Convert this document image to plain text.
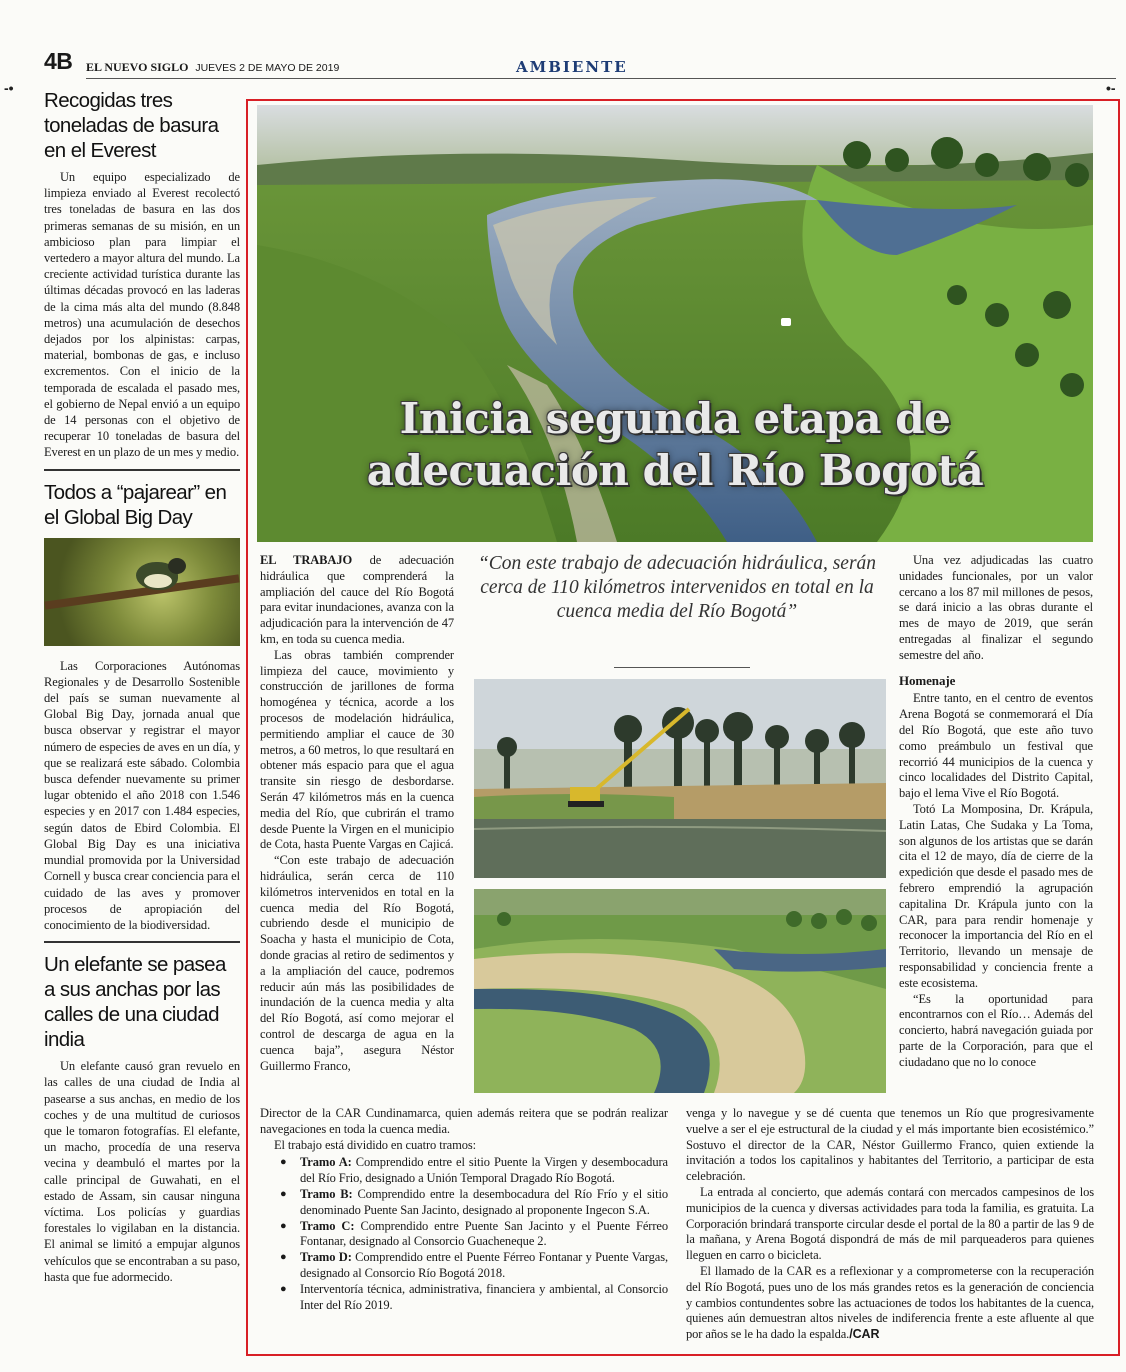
4B EL NUEVO SIGLO JUEVES 2 DE MAYO DE 2019	AMBIENTE
-•	•-
Recogidas tres toneladas de basura en el Everest

Un equipo especializado de limpieza enviado al Everest recolectó tres toneladas de basura en las dos primeras semanas de su misión, en un ambicioso plan para limpiar el vertedero a mayor altura del mundo. La creciente actividad turística durante las últimas décadas provocó en las laderas de la cima más alta del mundo (8.848 metros) una acumulación de desechos dejados por los alpinistas: carpas, material, bombonas de gas, e incluso excrementos. Con el inicio de la temporada de escalada el pasado mes, el gobierno de Nepal envió a un equipo de 14 personas con el objetivo de recuperar 10 toneladas de basura del Everest en un plazo de un mes y medio.

Todos a “pajarear” en el Global Big Day

Las Corporaciones Autónomas Regionales y de Desarrollo Sostenible del país se suman nuevamente al Global Big Day, jornada anual que busca observar y registrar el mayor número de especies de aves en un día, y que se realizará este sábado. Colombia busca defender nuevamente su primer lugar obtenido el año 2018 con 1.546 especies y en 2017 con 1.484 especies, según datos de Ebird Colombia. El Global Big Day es una iniciativa mundial promovida por la Universidad Cornell y busca crear conciencia para el cuidado de las aves y promover procesos de apropiación del conocimiento de la biodiversidad.

Un elefante se pasea a sus anchas por las calles de una ciudad india

Un elefante causó gran revuelo en las calles de una ciudad de India al pasearse a sus anchas, en medio de los coches y de una multitud de curiosos que le tomaron fotografías. El elefante, un macho, procedía de una reserva vecina y deambuló el martes por la calle principal de Guwahati, en el estado de Assam, sin causar ninguna víctima. Los policías y guardias forestales lo vigilaban en la distancia. El animal se limitó a empujar algunos vehículos que se encontraban a su paso, hasta que fue adormecido.

Inicia segunda etapa de
adecuación del Río Bogotá

EL TRABAJO de adecuación hidráulica que comprenderá la ampliación del cauce del Río Bogotá para evitar inundaciones, avanza con la adjudicación para la intervención de 47 km, en toda su cuenca media.

Las obras también comprender limpieza del cauce, movimiento y construcción de jarillones de forma homogénea y técnica, acorde a los procesos de modelación hidráulica, permitiendo ampliar el cauce de 30 metros, a 60 metros, lo que resultará en obtener más espacio para que el agua transite sin riesgo de desbordarse. Serán 47 kilómetros más en la cuenca media del Río, que cubrirán el tramo desde Puente la Virgen en el municipio de Cota, hasta Puente Vargas en Cajicá.

“Con este trabajo de adecuación hidráulica, serán cerca de 110 kilómetros intervenidos en total en la cuenca media del Río Bogotá, cubriendo desde el municipio de Soacha y hasta el municipio de Cota, donde gracias al retiro de sedimentos y a la ampliación del cauce, podremos reducir aún más las posibilidades de inundación de la cuenca media y alta del Río Bogotá, así como mejorar el control de descarga de agua en la cuenca baja”, asegura Néstor Guillermo Franco,

“Con este trabajo de adecuación hidráulica, serán cerca de 110 kilómetros intervenidos en total en la cuenca media del Río Bogotá”

Director de la CAR Cundinamarca, quien además reitera que se podrán realizar navegaciones en toda la cuenca media.

El trabajo está dividido en cuatro tramos:

● Tramo A: Comprendido entre el sitio Puente la Virgen y desembocadura del Río Frio, designado a Unión Temporal Dragado Río Bogotá.
● Tramo B: Comprendido entre la desembocadura del Río Frío y el sitio denominado Puente San Jacinto, designado al proponente Ingecon S.A.
● Tramo C: Comprendido entre Puente San Jacinto y el Puente Férreo Fontanar, designado al Consorcio Guacheneque 2.
● Tramo D: Comprendido entre el Puente Férreo Fontanar y Puente Vargas, designado al Consorcio Río Bogotá 2018.
● Interventoría técnica, administrativa, financiera y ambiental, al Consorcio Inter del Río 2019.

Una vez adjudicadas las cuatro unidades funcionales, por un valor cercano a los 87 mil millones de pesos, se dará inicio a las obras durante el mes de mayo de 2019, que serán entregadas al finalizar el segundo semestre del año.

Homenaje

Entre tanto, en el centro de eventos Arena Bogotá se conmemorará el Día del Río Bogotá, que este año tuvo como preámbulo un festival que recorrió 44 municipios de la cuenca y cinco localidades del Distrito Capital, bajo el lema Vive el Río Bogotá.

Totó La Momposina, Dr. Krápula, Latin Latas, Che Sudaka y La Toma, son algunos de los artistas que se darán cita el 12 de mayo, día de cierre de la expedición que desde el pasado mes de febrero emprendió la agrupación capitalina Dr. Krápula junto con la CAR, para para rendir homenaje y reconocer la importancia del Río en el Territorio, llevando un mensaje de responsabilidad y conciencia frente a este ecosistema.

“Es la oportunidad para encontrarnos con el Río… Además del concierto, habrá navegación guiada por parte de la Corporación, para que el ciudadano que no lo conoce

venga y lo navegue y se dé cuenta que tenemos un Río que progresivamente vuelve a ser el eje estructural de la ciudad y el más importante bien ecosistémico.” Sostuvo el director de la CAR, Néstor Guillermo Franco, quien extiende la invitación a todos los capitalinos y habitantes del Territorio, a participar de esta celebración.

La entrada al concierto, que además contará con mercados campesinos de los municipios de la cuenca y diversas actividades para toda la familia, es gratuita. La Corporación brindará transporte circular desde el portal de la 80 a partir de las 9 de la mañana, y Arena Bogotá dispondrá de más de mil parqueaderos para quienes lleguen en carro o bicicleta.

El llamado de la CAR es a reflexionar y a comprometerse con la recuperación del Río Bogotá, pues uno de los más grandes retos es la generación de conciencia y cambios contundentes sobre las actuaciones de todos los habitantes de la cuenca, quienes aún demuestran altos niveles de indiferencia frente a este afluente al que por años se le ha dado la espalda./CAR
